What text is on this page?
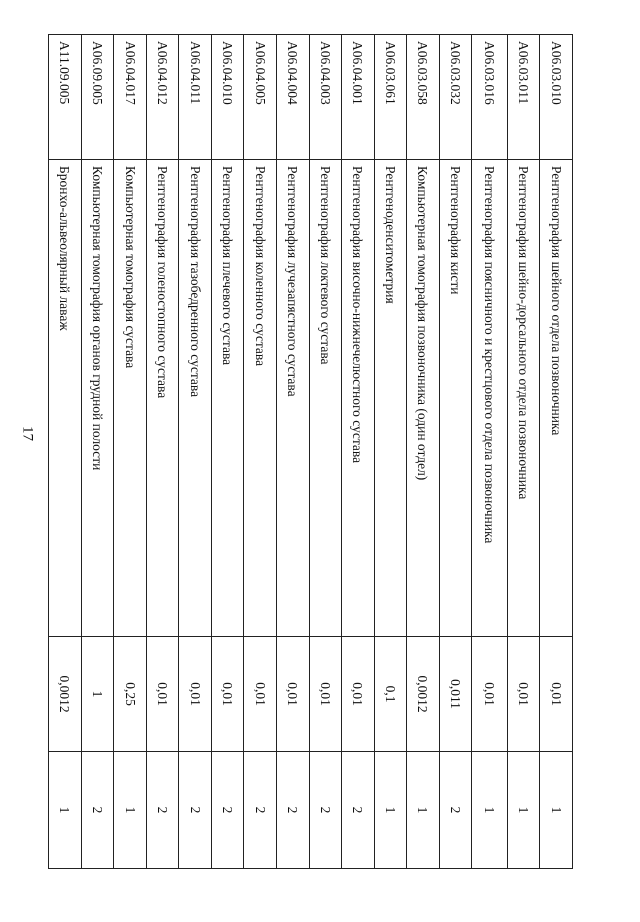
17
A06.03.010	Рентгенография шейного отдела позвоночника	0,01	1
A06.03.011	Рентгенография шейно-дорсального отдела позвоночника	0,01	1
A06.03.016	Рентгенография поясничного и крестцового отдела позвоночника	0,01	1
A06.03.032	Рентгенография кисти	0,011	2
A06.03.058	Компьютерная томография позвоночника (один отдел)	0,0012	1
A06.03.061	Рентгеноденситометрия	0,1	1
A06.04.001	Рентгенография височно-нижнечелюстного сустава	0,01	2
A06.04.003	Рентгенография локтевого сустава	0,01	2
A06.04.004	Рентгенография лучезапястного сустава	0,01	2
A06.04.005	Рентгенография коленного сустава	0,01	2
A06.04.010	Рентгенография плечевого сустава	0,01	2
A06.04.011	Рентгенография тазобедренного сустава	0,01	2
A06.04.012	Рентгенография голеностопного сустава	0,01	2
A06.04.017	Компьютерная томография сустава	0,25	1
A06.09.005	Компьютерная томография органов грудной полости	1	2
A11.09.005	Бронхо-альвеолярный лаваж	0,0012	1
